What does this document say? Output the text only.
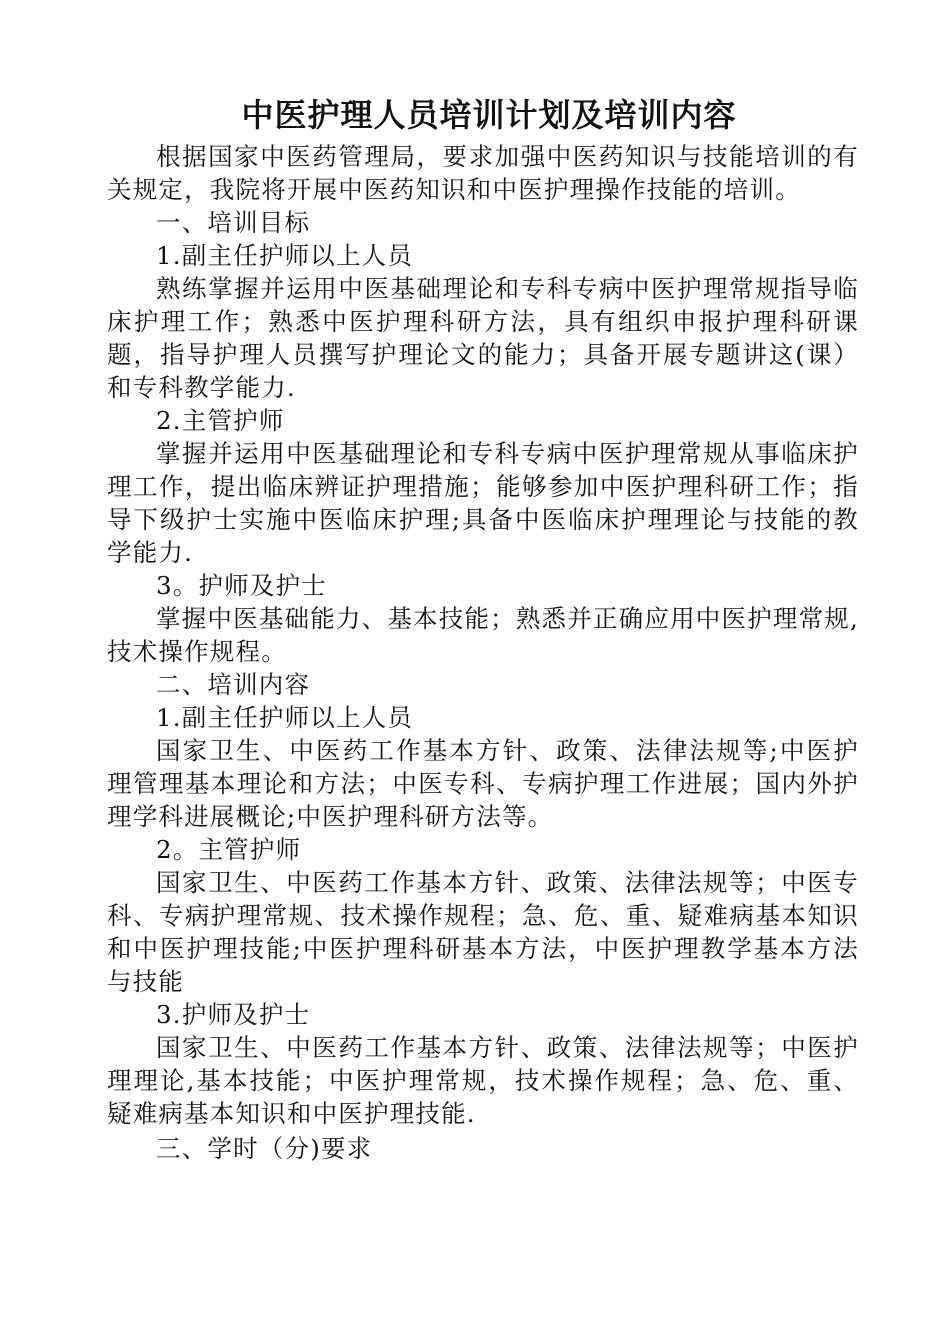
中医护理人员培训计划及培训内容

根据国家中医药管理局，要求加强中医药知识与技能培训的有关规定，我院将开展中医药知识和中医护理操作技能的培训。

一、培训目标

1.副主任护师以上人员

熟练掌握并运用中医基础理论和专科专病中医护理常规指导临床护理工作；熟悉中医护理科研方法，具有组织申报护理科研课题，指导护理人员撰写护理论文的能力；具备开展专题讲这(课）和专科教学能力.

2.主管护师

掌握并运用中医基础理论和专科专病中医护理常规从事临床护理工作，提出临床辨证护理措施；能够参加中医护理科研工作；指导下级护士实施中医临床护理;具备中医临床护理理论与技能的教学能力.

3。护师及护士

掌握中医基础能力、基本技能；熟悉并正确应用中医护理常规,技术操作规程。

二、培训内容

1.副主任护师以上人员

国家卫生、中医药工作基本方针、政策、法律法规等;中医护理管理基本理论和方法；中医专科、专病护理工作进展；国内外护理学科进展概论;中医护理科研方法等。

2。主管护师

国家卫生、中医药工作基本方针、政策、法律法规等；中医专科、专病护理常规、技术操作规程；急、危、重、疑难病基本知识和中医护理技能;中医护理科研基本方法，中医护理教学基本方法与技能

3.护师及护士

国家卫生、中医药工作基本方针、政策、法律法规等；中医护理理论,基本技能；中医护理常规，技术操作规程；急、危、重、疑难病基本知识和中医护理技能.

三、学时（分)要求
